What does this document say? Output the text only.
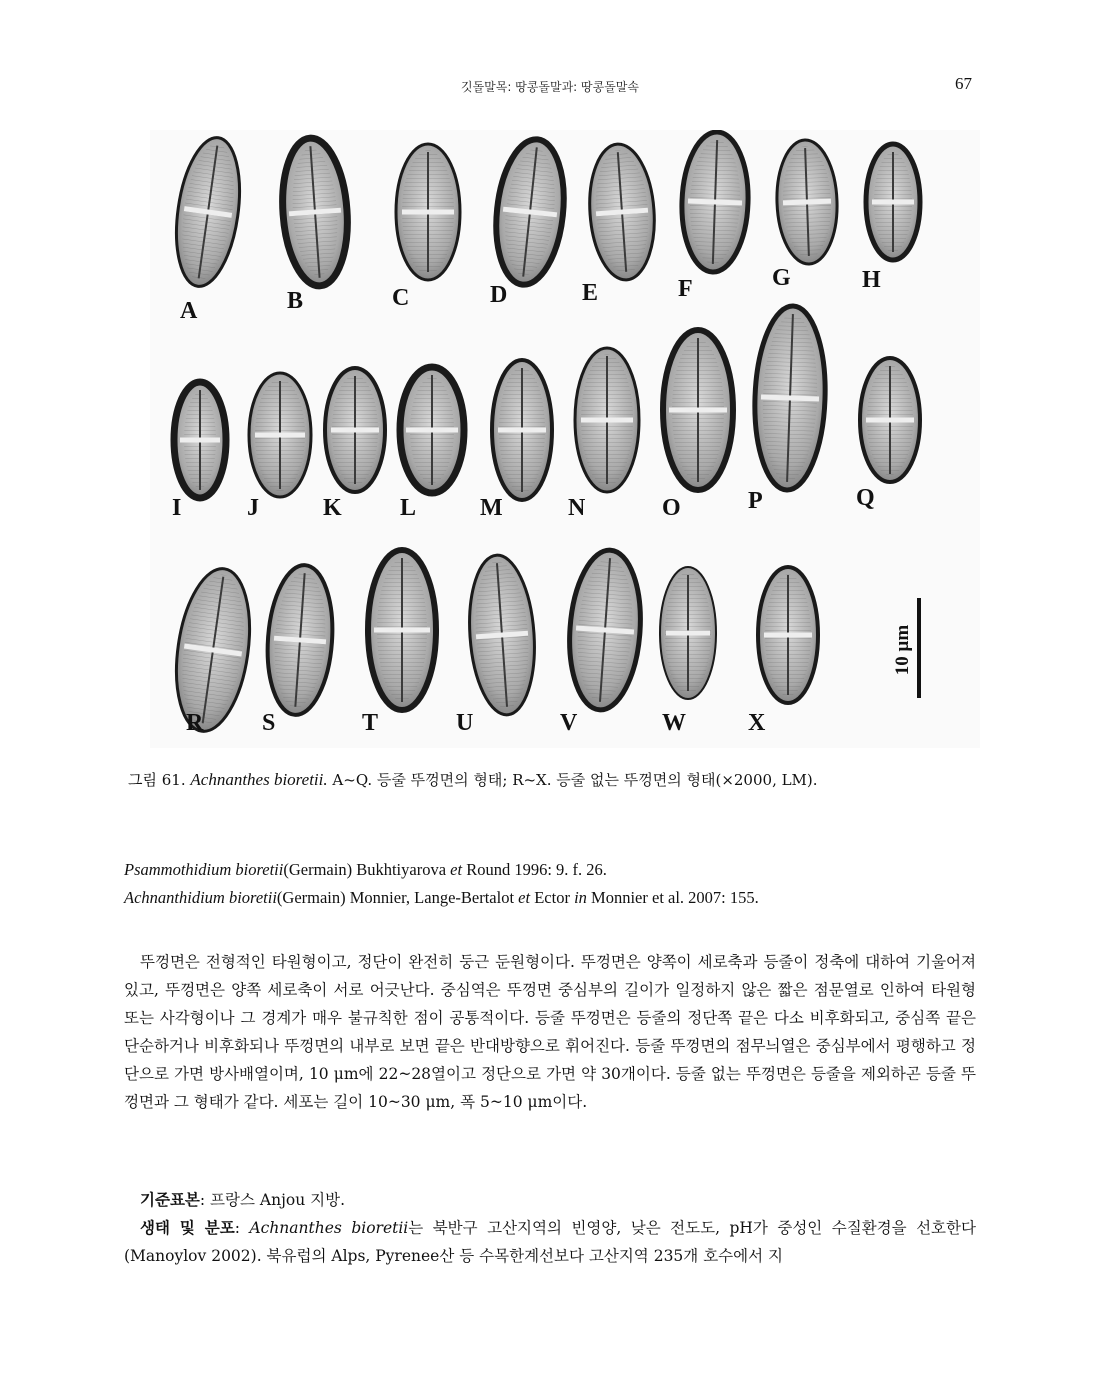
깃돌말목: 땅콩돌말과: 땅콩돌말속	67
A	B	C	D	E	F	G	H
I	J	K L	M	N	O	P	Q
R S	T	U	V	W	X
10 μm
그림 61. Achnanthes bioretii. A~Q. 등줄 뚜껑면의 형태; R~X. 등줄 없는 뚜껑면의 형태(×2000, LM).
Psammothidium bioretii(Germain) Bukhtiyarova et Round 1996: 9. f. 26.
Achnanthidium bioretii(Germain) Monnier, Lange-Bertalot et Ector in Monnier et al. 2007: 155.

뚜껑면은 전형적인 타원형이고, 정단이 완전히 둥근 둔원형이다. 뚜껑면은 양쪽이 세로축과 등줄이 정축에 대하여 기울어져 있고, 뚜껑면은 양쪽 세로축이 서로 어긋난다. 중심역은 뚜껑면 중심부의 길이가 일정하지 않은 짧은 점문열로 인하여 타원형 또는 사각형이나 그 경계가 매우 불규칙한 점이 공통적이다. 등줄 뚜껑면은 등줄의 정단쪽 끝은 다소 비후화되고, 중심쪽 끝은 단순하거나 비후화되나 뚜껑면의 내부로 보면 끝은 반대방향으로 휘어진다. 등줄 뚜껑면의 점무늬열은 중심부에서 평행하고 정단으로 가면 방사배열이며, 10 μm에 22~28열이고 정단으로 가면 약 30개이다. 등줄 없는 뚜껑면은 등줄을 제외하곤 등줄 뚜껑면과 그 형태가 같다. 세포는 길이 10~30 μm, 폭 5~10 μm이다.

기준표본: 프랑스 Anjou 지방.

생태 및 분포: Achnanthes bioretii는 북반구 고산지역의 빈영양, 낮은 전도도, pH가 중성인 수질환경을 선호한다(Manoylov 2002). 북유럽의 Alps, Pyrenee산 등 수목한계선보다 고산지역 235개 호수에서 지
